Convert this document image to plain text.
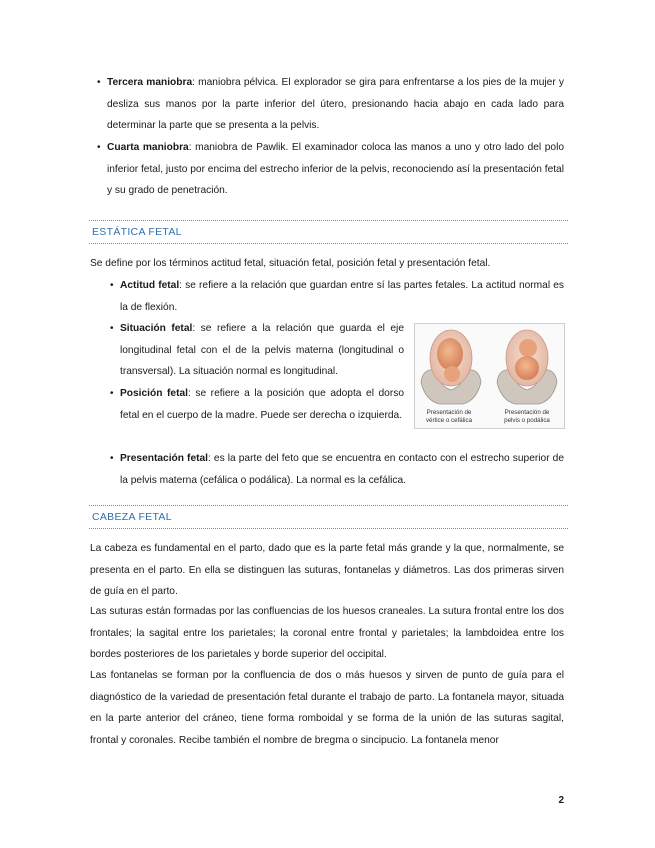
• Tercera maniobra: maniobra pélvica. El explorador se gira para enfrentarse a los pies de la mujer y desliza sus manos por la parte inferior del útero, presionando hacia abajo en cada lado para determinar la parte que se presenta a la pelvis.

• Cuarta maniobra: maniobra de Pawlik. El examinador coloca las manos a uno y otro lado del polo inferior fetal, justo por encima del estrecho inferior de la pelvis, reconociendo así la presentación fetal y su grado de penetración.

ESTÁTICA FETAL

Se define por los términos actitud fetal, situación fetal, posición fetal y presentación fetal.

• Actitud fetal: se refiere a la relación que guardan entre sí las partes fetales. La actitud normal es la de flexión.

• Situación fetal: se refiere a la relación que guarda el eje longitudinal fetal con el de la pelvis materna (longitudinal o transversal). La situación normal es longitudinal.

• Posición fetal: se refiere a la posición que adopta el dorso fetal en el cuerpo de la madre. Puede ser derecha o izquierda.

• Presentación fetal: es la parte del feto que se encuentra en contacto con el estrecho superior de la pelvis materna (cefálica o podálica). La normal es la cefálica.

Presentación de
vértice o cefálica
Presentación de
pelvis o podálica
CABEZA FETAL

La cabeza es fundamental en el parto, dado que es la parte fetal más grande y la que, normalmente, se presenta en el parto. En ella se distinguen las suturas, fontanelas y diámetros. Las dos primeras sirven de guía en el parto.

Las suturas están formadas por las confluencias de los huesos craneales. La sutura frontal entre los dos frontales; la sagital entre los parietales; la coronal entre frontal y parietales; la lambdoidea entre los bordes posteriores de los parietales y borde superior del occipital.

Las fontanelas se forman por la confluencia de dos o más huesos y sirven de punto de guía para el diagnóstico de la variedad de presentación fetal durante el trabajo de parto. La fontanela mayor, situada en la parte anterior del cráneo, tiene forma romboidal y se forma de la unión de las suturas sagital, frontal y coronales. Recibe también el nombre de bregma o sincipucio. La fontanela menor

2
